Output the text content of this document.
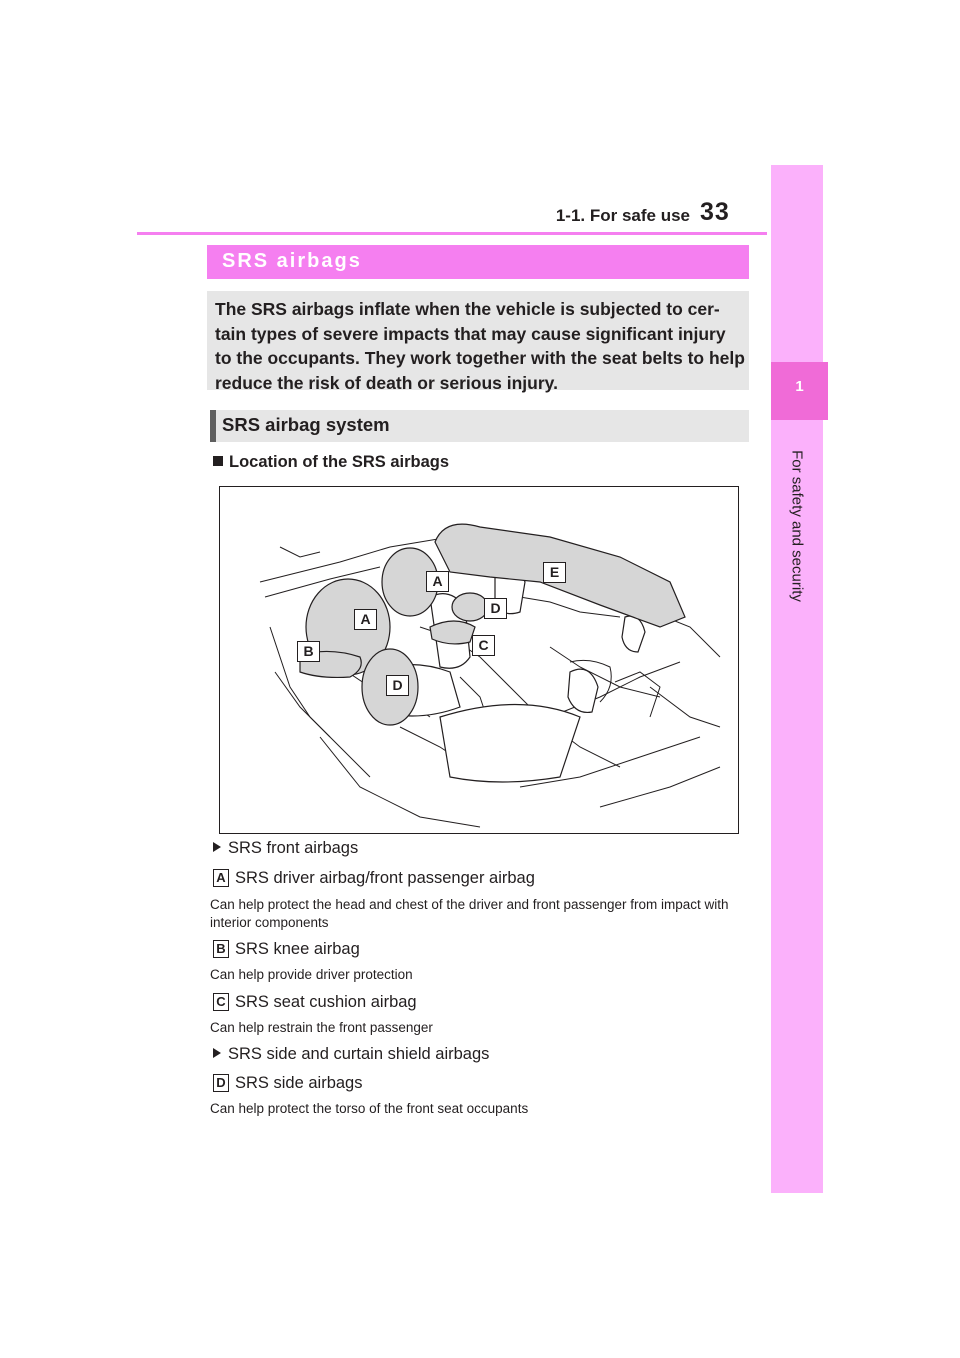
1-1. For safe use 33
1
For safety and security
SRS airbags
The SRS airbags inflate when the vehicle is subjected to cer-tain types of severe impacts that may cause significant injury to the occupants. They work together with the seat belts to help reduce the risk of death or serious injury.
SRS airbag system
Location of the SRS airbags
A
E
D
A
C
B
D
SRS front airbags
A SRS driver airbag/front passenger airbag
Can help protect the head and chest of the driver and front passenger from impact with interior components
B SRS knee airbag
Can help provide driver protection
C SRS seat cushion airbag
Can help restrain the front passenger
SRS side and curtain shield airbags
D SRS side airbags
Can help protect the torso of the front seat occupants
